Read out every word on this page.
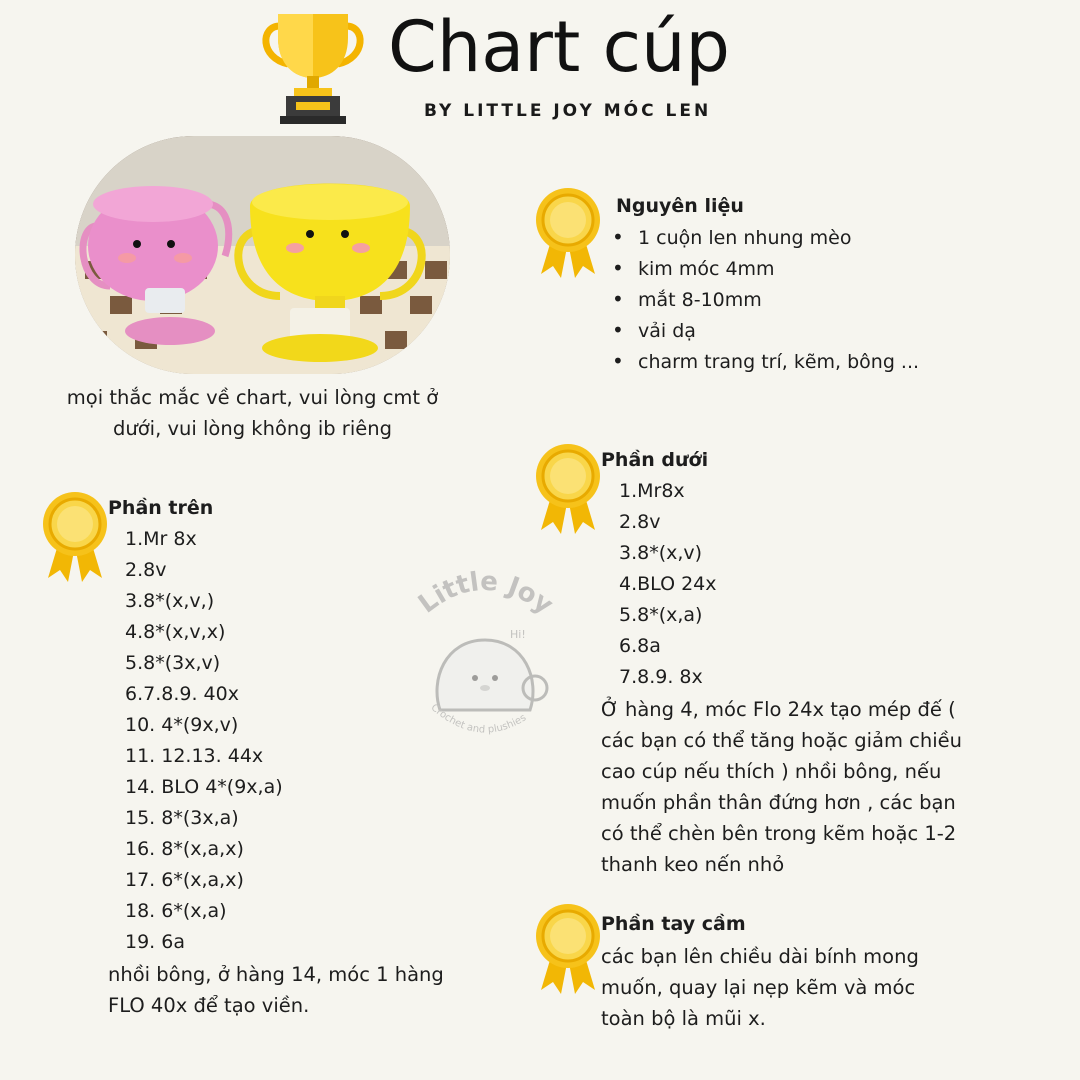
Chart cúp
BY LITTLE JOY MÓC LEN
mọi thắc mắc về chart, vui lòng cmt ở dưới, vui lòng không ib riêng
Nguyên liệu
• 1 cuộn len nhung mèo
• kim móc 4mm
• mắt 8-10mm
• vải dạ
• charm trang trí, kẽm, bông ...
Phần trên
1.Mr 8x
2.8v
3.8*(x,v,)
4.8*(x,v,x)
5.8*(3x,v)
6.7.8.9. 40x
10. 4*(9x,v)
11. 12.13. 44x
14. BLO 4*(9x,a)
15. 8*(3x,a)
16. 8*(x,a,x)
17. 6*(x,a,x)
18. 6*(x,a)
19. 6a
nhồi bông, ở hàng 14, móc 1 hàng FLO 40x để tạo viền.
Little Joy
Hi!
Crochet and plushies
Phần dưới
1.Mr8x
2.8v
3.8*(x,v)
4.BLO 24x
5.8*(x,a)
6.8a
7.8.9. 8x
Ở hàng 4, móc Flo 24x tạo mép đế ( các bạn có thể tăng hoặc giảm chiều cao cúp nếu thích ) nhồi bông, nếu muốn phần thân đứng hơn , các bạn có thể chèn bên trong kẽm hoặc 1-2 thanh keo nến nhỏ
Phần tay cầm
các bạn lên chiều dài bính mong muốn, quay lại nẹp kẽm và móc toàn bộ là mũi x.
